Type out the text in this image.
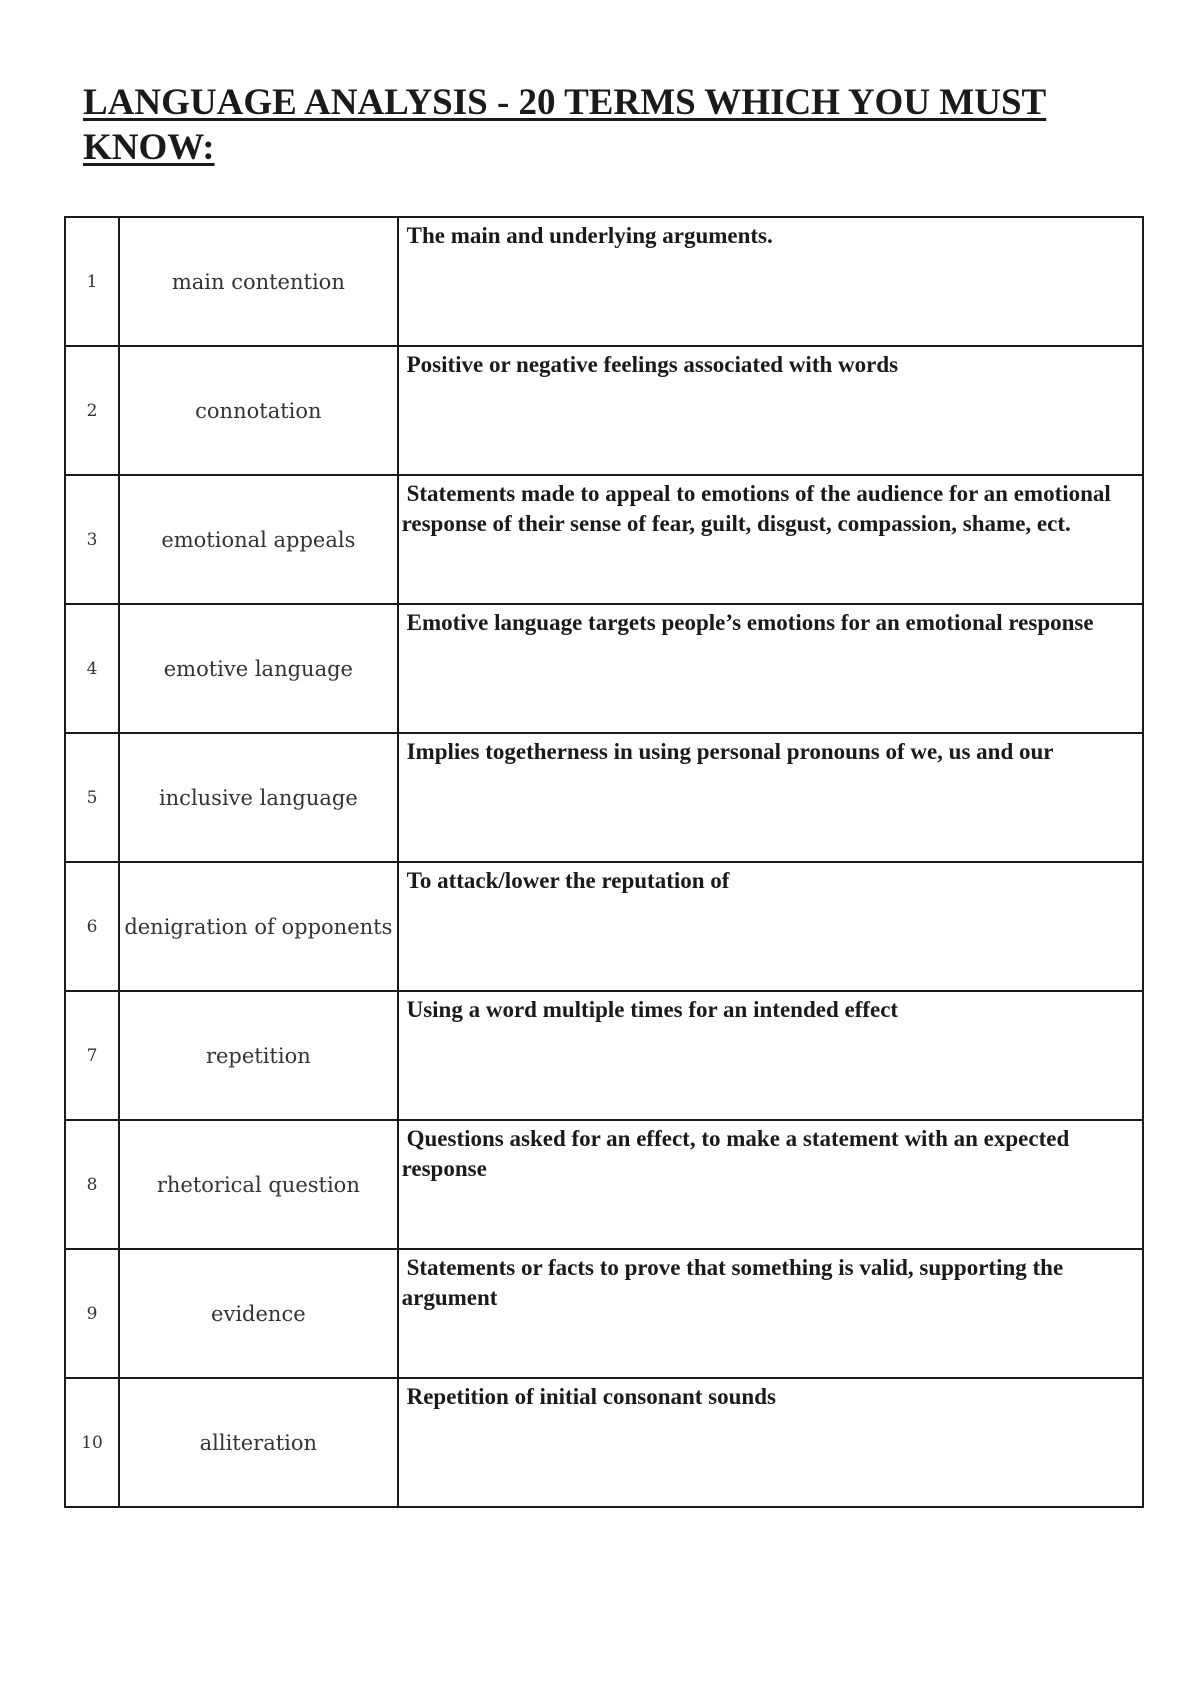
LANGUAGE ANALYSIS - 20 TERMS WHICH YOU MUST KNOW:
1	main contention	The main and underlying arguments.

2	connotation	Positive or negative feelings associated with words

3	emotional appeals	Statements made to appeal to emotions of the audience for an emotional response of their sense of fear, guilt, disgust, compassion, shame, ect.

4	emotive language	Emotive language targets people’s emotions for an emotional response

5	inclusive language	Implies togetherness in using personal pronouns of we, us and our

6	denigration of opponents	To attack/lower the reputation of

7	repetition	Using a word multiple times for an intended effect

8	rhetorical question	Questions asked for an effect, to make a statement with an expected response

9	evidence	Statements or facts to prove that something is valid, supporting the argument

10	alliteration	Repetition of initial consonant sounds
